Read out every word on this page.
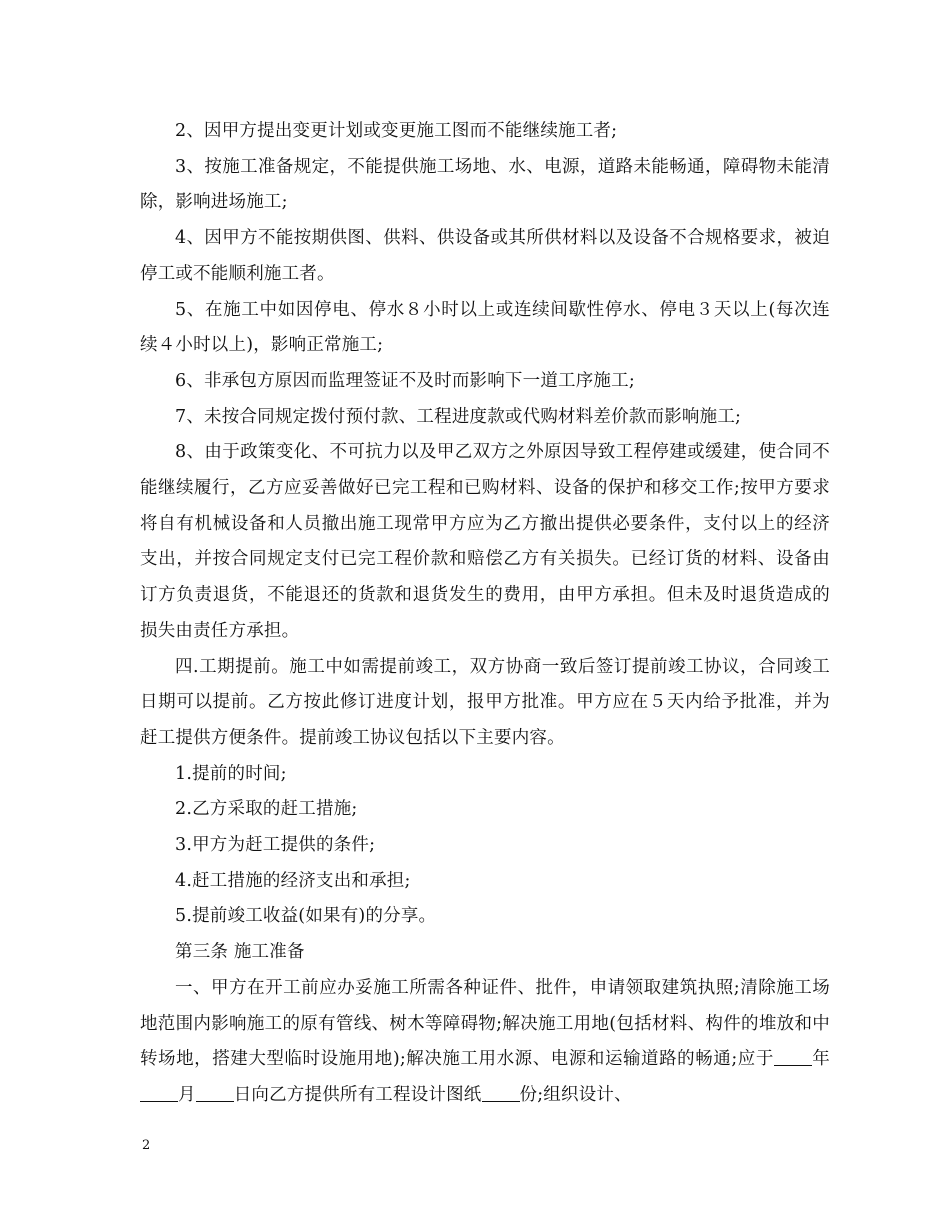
2、因甲方提出变更计划或变更施工图而不能继续施工者;

3、按施工准备规定，不能提供施工场地、水、电源，道路未能畅通，障碍物未能清除，影响进场施工;

4、因甲方不能按期供图、供料、供设备或其所供材料以及设备不合规格要求，被迫停工或不能顺利施工者。

5、在施工中如因停电、停水８小时以上或连续间歇性停水、停电３天以上(每次连续４小时以上)，影响正常施工;

6、非承包方原因而监理签证不及时而影响下一道工序施工;

7、未按合同规定拨付预付款、工程进度款或代购材料差价款而影响施工;

8、由于政策变化、不可抗力以及甲乙双方之外原因导致工程停建或缓建，使合同不能继续履行，乙方应妥善做好已完工程和已购材料、设备的保护和移交工作;按甲方要求将自有机械设备和人员撤出施工现常甲方应为乙方撤出提供必要条件，支付以上的经济支出，并按合同规定支付已完工程价款和赔偿乙方有关损失。已经订货的材料、设备由订方负责退货，不能退还的货款和退货发生的费用，由甲方承担。但未及时退货造成的损失由责任方承担。

四.工期提前。施工中如需提前竣工，双方协商一致后签订提前竣工协议，合同竣工日期可以提前。乙方按此修订进度计划，报甲方批准。甲方应在５天内给予批准，并为赶工提供方便条件。提前竣工协议包括以下主要内容。

1.提前的时间;

2.乙方采取的赶工措施;

3.甲方为赶工提供的条件;

4.赶工措施的经济支出和承担;

5.提前竣工收益(如果有)的分享。

第三条 施工准备

一、甲方在开工前应办妥施工所需各种证件、批件，申请领取建筑执照;清除施工场地范围内影响施工的原有管线、树木等障碍物;解决施工用地(包括材料、构件的堆放和中转场地，搭建大型临时设施用地);解决施工用水源、电源和运输道路的畅通;应于 年月 日向乙方提供所有工程设计图纸 份;组织设计、

2
